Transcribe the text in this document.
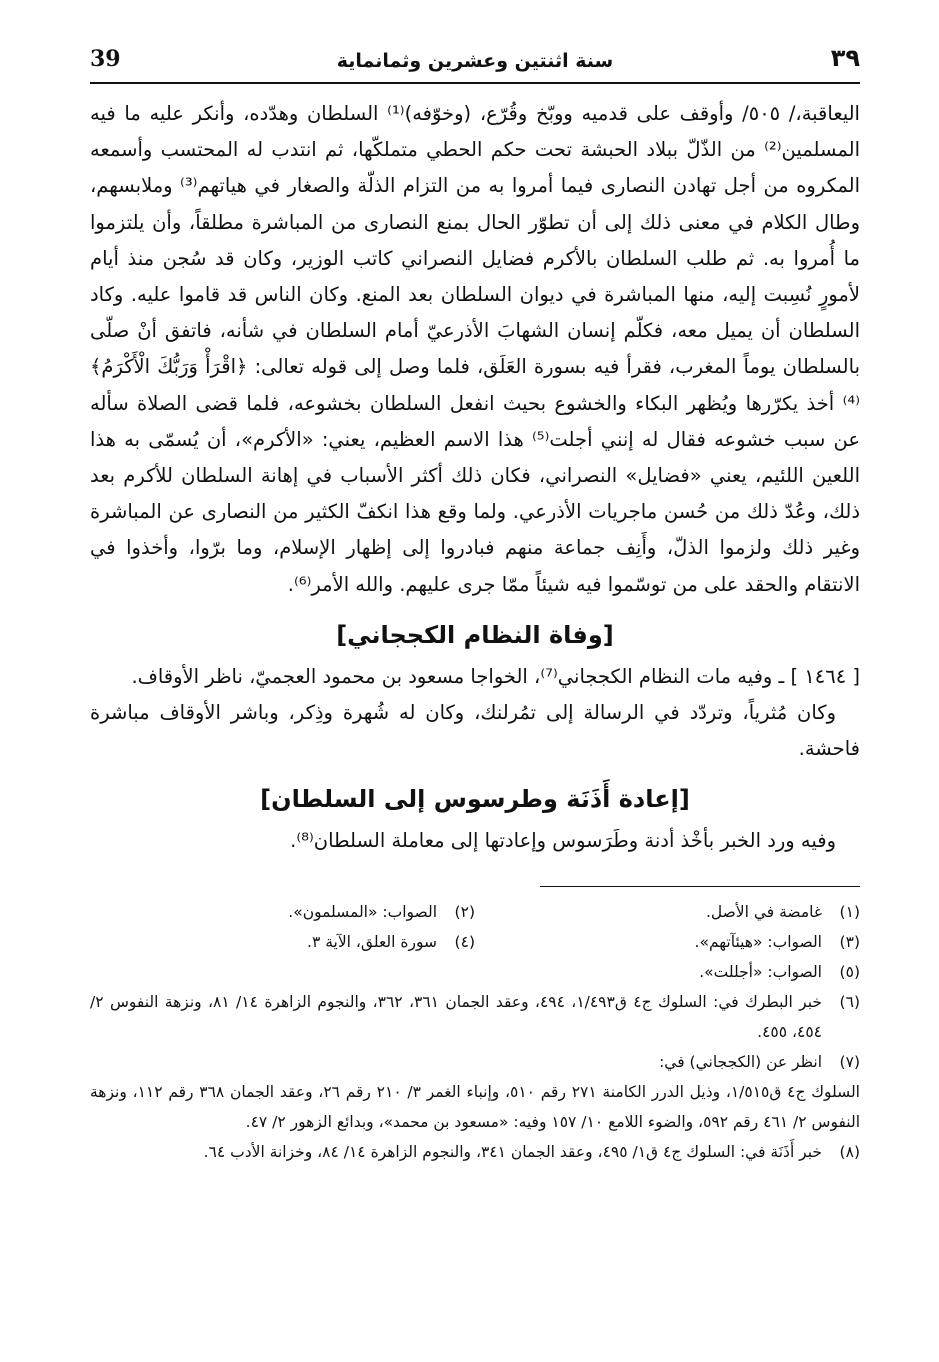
39	سنة اثنتين وعشرين وثمانماية	٣٩

اليعاقبة،/ ٥٠٥/ وأوقف على قدميه ووبّخ وقُرّع، (وخوّفه)⁽¹⁾ السلطان وهدّده، وأنكر عليه ما فيه المسلمين⁽²⁾ من الذّلّ ببلاد الحبشة تحت حكم الحطي متملكّها، ثم انتدب له المحتسب وأسمعه المكروه من أجل تهادن النصارى فيما أمروا به من التزام الذلّة والصغار في هياتهم⁽³⁾ وملابسهم، وطال الكلام في معنى ذلك إلى أن تطوّر الحال بمنع النصارى من المباشرة مطلقاً، وأن يلتزموا ما أُمروا به. ثم طلب السلطان بالأكرم فضايل النصراني كاتب الوزير، وكان قد سُجن منذ أيام لأمورٍ نُسِبت إليه، منها المباشرة في ديوان السلطان بعد المنع. وكان الناس قد قاموا عليه. وكاد السلطان أن يميل معه، فكلّم إنسان الشهابَ الأذرعيّ أمام السلطان في شأنه، فاتفق أنْ صلّى بالسلطان يوماً المغرب، فقرأ فيه بسورة العَلَق، فلما وصل إلى قوله تعالى: ﴿اقْرَأْ وَرَبُّكَ الْأَكْرَمُ﴾⁽⁴⁾ أخذ يكرّرها ويُظهر البكاء والخشوع بحيث انفعل السلطان بخشوعه، فلما قضى الصلاة سأله عن سبب خشوعه فقال له إنني أجلت⁽⁵⁾ هذا الاسم العظيم، يعني: «الأكرم»، أن يُسمّى به هذا اللعين اللئيم، يعني «فضايل» النصراني، فكان ذلك أكثر الأسباب في إهانة السلطان للأكرم بعد ذلك، وعُدّ ذلك من حُسن ماجريات الأذرعي. ولما وقع هذا انكفّ الكثير من النصارى عن المباشرة وغير ذلك ولزموا الذلّ، وأَنِف جماعة منهم فبادروا إلى إظهار الإسلام، وما برّوا، وأخذوا في الانتقام والحقد على من توسّموا فيه شيئاً ممّا جرى عليهم. والله الأمر⁽⁶⁾.

[وفاة النظام الكججاني]

[ ١٤٦٤ ] ـ وفيه مات النظام الكججاني⁽⁷⁾، الخواجا مسعود بن محمود العجميّ، ناظر الأوقاف.

وكان مُثرياً، وتردّد في الرسالة إلى تمُرلنك، وكان له شُهرة وذِكر، وباشر الأوقاف مباشرة فاحشة.

[إعادة أَذَنَة وطرسوس إلى السلطان]

وفيه ورد الخبر بأخْذ أدنة وطَرَسوس وإعادتها إلى معاملة السلطان⁽⁸⁾.

(١)
غامضة في الأصل.
(٢)
الصواب: «المسلمون».
(٣)
الصواب: «هيئآتهم».
(٤)
سورة العلق، الآية ٣.
(٥)
الصواب: «أجللت».
(٦)
خبر البطرك في: السلوك ج٤ ق١/٤٩٣، ٤٩٤، وعقد الجمان ٣٦١، ٣٦٢، والنجوم الزاهرة ١٤/ ٨١، ونزهة النفوس ٢/ ٤٥٤، ٤٥٥.
(٧)
انظر عن (الكججاني) في:
السلوك ج٤ ق١/٥١٥، وذيل الدرر الكامنة ٢٧١ رقم ٥١٠، وإنباء الغمر ٣/ ٢١٠ رقم ٢٦، وعقد الجمان ٣٦٨ رقم ١١٢، ونزهة النفوس ٢/ ٤٦١ رقم ٥٩٢، والضوء اللامع ١٠/ ١٥٧ وفيه: «مسعود بن محمد»، وبدائع الزهور ٢/ ٤٧.
(٨)
خبر أَذَنَة في: السلوك ج٤ ق١/ ٤٩٥، وعقد الجمان ٣٤١، والنجوم الزاهرة ١٤/ ٨٤، وخزانة الأدب ٦٤.
